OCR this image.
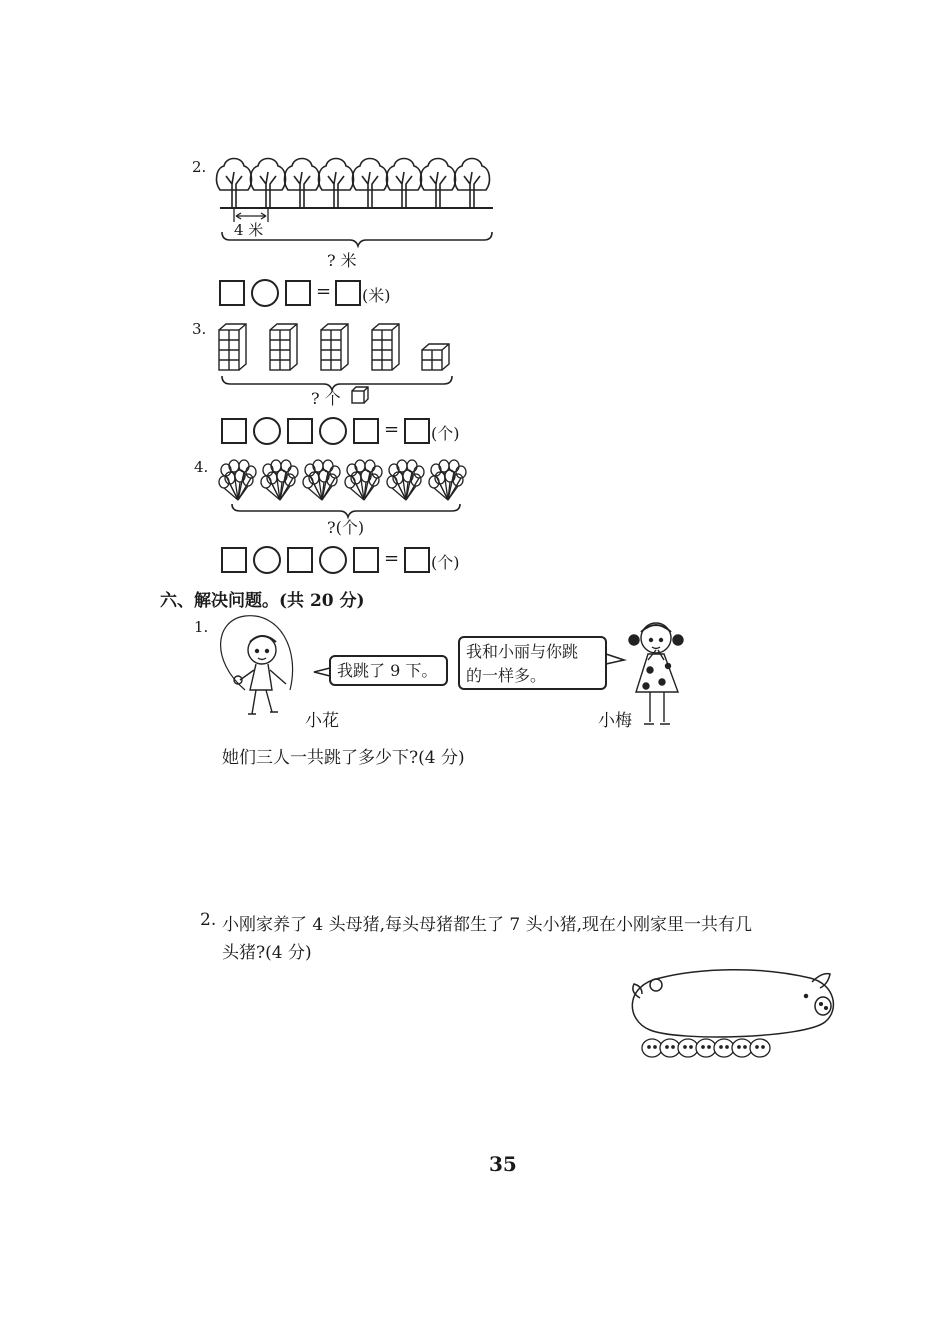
2.
4 米
? 米
= (米)
3.
? 个
= (个)
4.
?(个)
= (个)
六、解决问题。(共 20 分)
1.
我跳了 9 下。
我和小丽与你跳
的一样多。
小花	小梅
她们三人一共跳了多少下?(4 分)
2. 小刚家养了 4 头母猪,每头母猪都生了 7 头小猪,现在小刚家里一共有几
头猪?(4 分)
35
